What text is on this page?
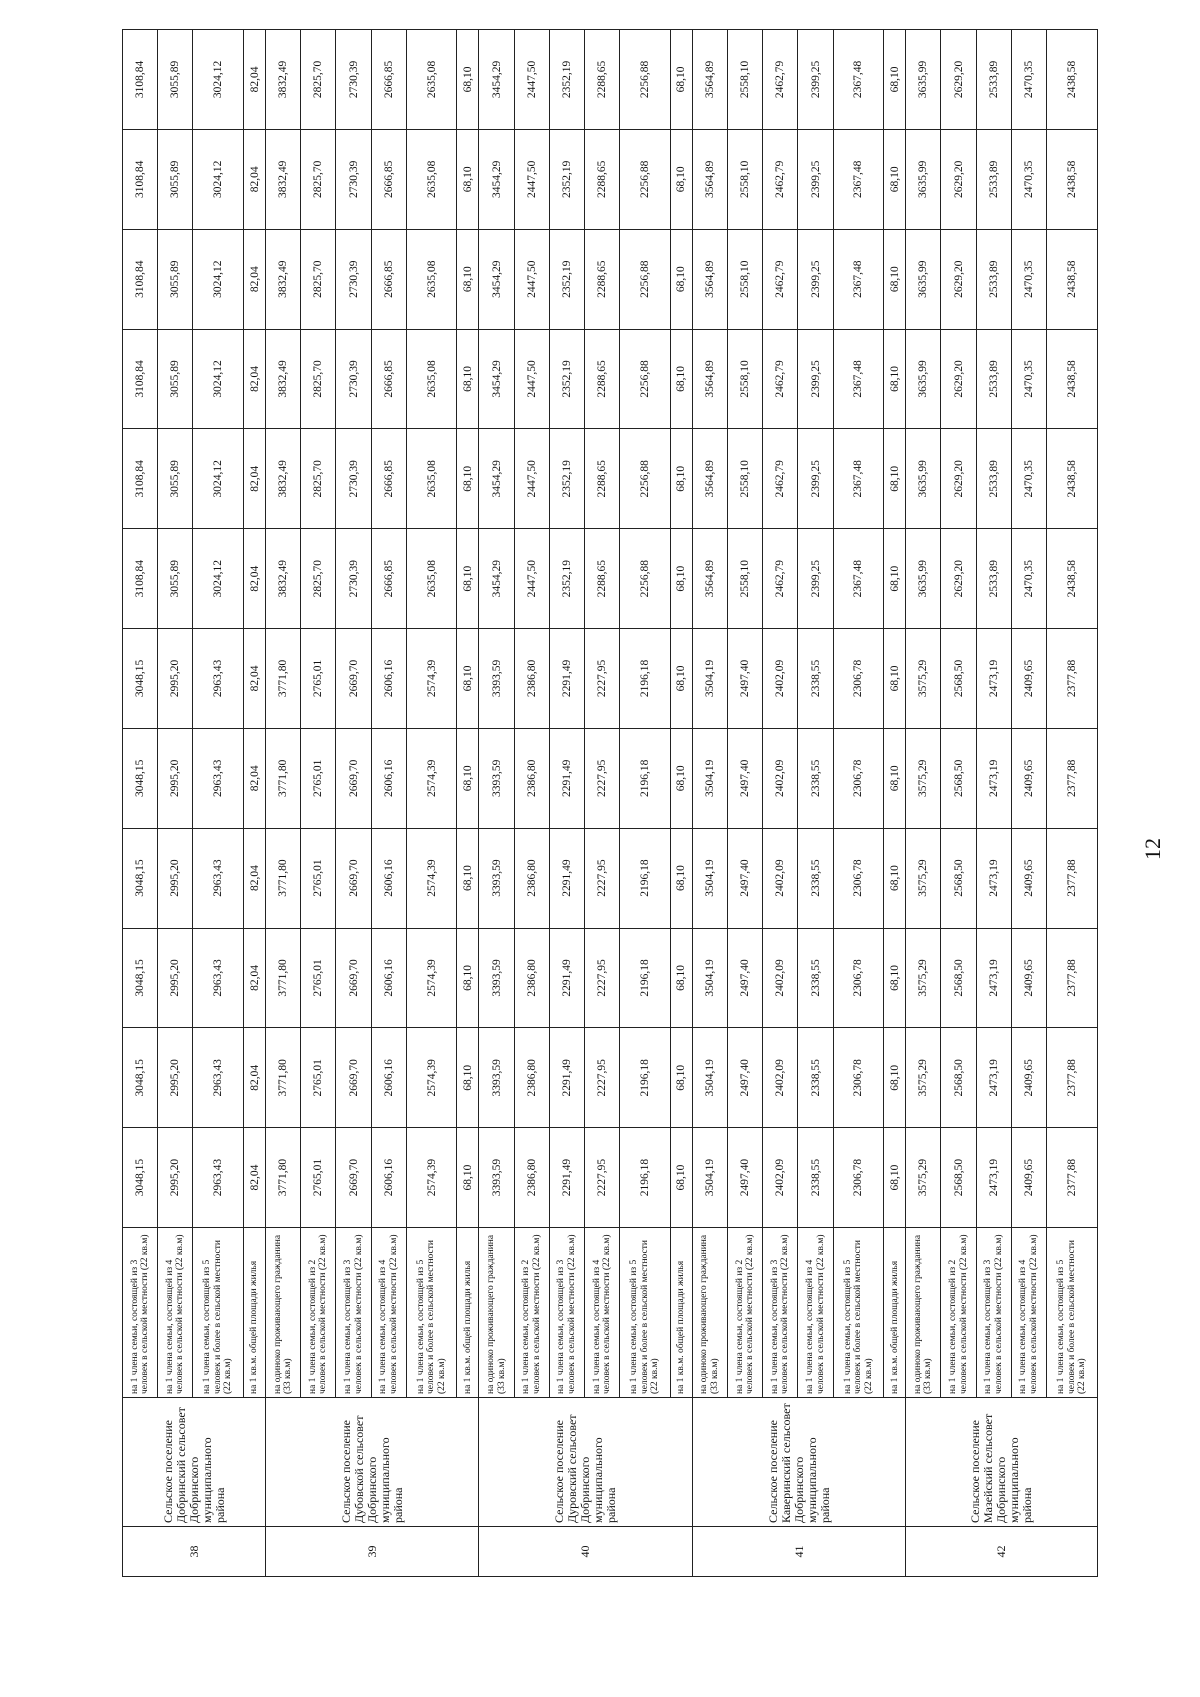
38	Сельское поселение Добринский сельсовет Добринского муниципального района	на 1 члена семьи, состоящей из 3 человек в сельской местности (22 кв.м)	3048,15	3048,15	3048,15	3048,15	3048,15	3048,15	3108,84	3108,84	3108,84	3108,84	3108,84	3108,84
		на 1 члена семьи, состоящей из 4 человек в сельской местности (22 кв.м)	2995,20	2995,20	2995,20	2995,20	2995,20	2995,20	3055,89	3055,89	3055,89	3055,89	3055,89	3055,89
		на 1 члена семьи, состоящей из 5 человек и более в сельской местности (22 кв.м)	2963,43	2963,43	2963,43	2963,43	2963,43	2963,43	3024,12	3024,12	3024,12	3024,12	3024,12	3024,12
		на 1 кв.м. общей площади жилья	82,04	82,04	82,04	82,04	82,04	82,04	82,04	82,04	82,04	82,04	82,04	82,04
39	Сельское поселение Дубовской сельсовет Добринского муниципального района	на одиноко проживающего гражданина (33 кв.м)	3771,80	3771,80	3771,80	3771,80	3771,80	3771,80	3832,49	3832,49	3832,49	3832,49	3832,49	3832,49
		на 1 члена семьи, состоящей из 2 человек в сельской местности (22 кв.м)	2765,01	2765,01	2765,01	2765,01	2765,01	2765,01	2825,70	2825,70	2825,70	2825,70	2825,70	2825,70
		на 1 члена семьи, состоящей из 3 человек в сельской местности (22 кв.м)	2669,70	2669,70	2669,70	2669,70	2669,70	2669,70	2730,39	2730,39	2730,39	2730,39	2730,39	2730,39
		на 1 члена семьи, состоящей из 4 человек в сельской местности (22 кв.м)	2606,16	2606,16	2606,16	2606,16	2606,16	2606,16	2666,85	2666,85	2666,85	2666,85	2666,85	2666,85
		на 1 члена семьи, состоящей из 5 человек и более в сельской местности (22 кв.м)	2574,39	2574,39	2574,39	2574,39	2574,39	2574,39	2635,08	2635,08	2635,08	2635,08	2635,08	2635,08
		на 1 кв.м. общей площади жилья	68,10	68,10	68,10	68,10	68,10	68,10	68,10	68,10	68,10	68,10	68,10	68,10
40	Сельское поселение Дуровский сельсовет Добринского муниципального района	на одиноко проживающего гражданина (33 кв.м)	3393,59	3393,59	3393,59	3393,59	3393,59	3393,59	3454,29	3454,29	3454,29	3454,29	3454,29	3454,29
		на 1 члена семьи, состоящей из 2 человек в сельской местности (22 кв.м)	2386,80	2386,80	2386,80	2386,80	2386,80	2386,80	2447,50	2447,50	2447,50	2447,50	2447,50	2447,50
		на 1 члена семьи, состоящей из 3 человек в сельской местности (22 кв.м)	2291,49	2291,49	2291,49	2291,49	2291,49	2291,49	2352,19	2352,19	2352,19	2352,19	2352,19	2352,19
		на 1 члена семьи, состоящей из 4 человек в сельской местности (22 кв.м)	2227,95	2227,95	2227,95	2227,95	2227,95	2227,95	2288,65	2288,65	2288,65	2288,65	2288,65	2288,65
		на 1 члена семьи, состоящей из 5 человек и более в сельской местности (22 кв.м)	2196,18	2196,18	2196,18	2196,18	2196,18	2196,18	2256,88	2256,88	2256,88	2256,88	2256,88	2256,88
		на 1 кв.м. общей площади жилья	68,10	68,10	68,10	68,10	68,10	68,10	68,10	68,10	68,10	68,10	68,10	68,10
41	Сельское поселение Каверинский сельсовет Добринского муниципального района	на одиноко проживающего гражданина (33 кв.м)	3504,19	3504,19	3504,19	3504,19	3504,19	3504,19	3564,89	3564,89	3564,89	3564,89	3564,89	3564,89
		на 1 члена семьи, состоящей из 2 человек в сельской местности (22 кв.м)	2497,40	2497,40	2497,40	2497,40	2497,40	2497,40	2558,10	2558,10	2558,10	2558,10	2558,10	2558,10
		на 1 члена семьи, состоящей из 3 человек в сельской местности (22 кв.м)	2402,09	2402,09	2402,09	2402,09	2402,09	2402,09	2462,79	2462,79	2462,79	2462,79	2462,79	2462,79
		на 1 члена семьи, состоящей из 4 человек в сельской местности (22 кв.м)	2338,55	2338,55	2338,55	2338,55	2338,55	2338,55	2399,25	2399,25	2399,25	2399,25	2399,25	2399,25
		на 1 члена семьи, состоящей из 5 человек и более в сельской местности (22 кв.м)	2306,78	2306,78	2306,78	2306,78	2306,78	2306,78	2367,48	2367,48	2367,48	2367,48	2367,48	2367,48
		на 1 кв.м. общей площади жилья	68,10	68,10	68,10	68,10	68,10	68,10	68,10	68,10	68,10	68,10	68,10	68,10
42	Сельское поселение Мазейский сельсовет Добринского муниципального района	на одиноко проживающего гражданина (33 кв.м)	3575,29	3575,29	3575,29	3575,29	3575,29	3575,29	3635,99	3635,99	3635,99	3635,99	3635,99	3635,99
		на 1 члена семьи, состоящей из 2 человек в сельской местности (22 кв.м)	2568,50	2568,50	2568,50	2568,50	2568,50	2568,50	2629,20	2629,20	2629,20	2629,20	2629,20	2629,20
		на 1 члена семьи, состоящей из 3 человек в сельской местности (22 кв.м)	2473,19	2473,19	2473,19	2473,19	2473,19	2473,19	2533,89	2533,89	2533,89	2533,89	2533,89	2533,89
		на 1 члена семьи, состоящей из 4 человек в сельской местности (22 кв.м)	2409,65	2409,65	2409,65	2409,65	2409,65	2409,65	2470,35	2470,35	2470,35	2470,35	2470,35	2470,35
		на 1 члена семьи, состоящей из 5 человек и более в сельской местности (22 кв.м)	2377,88	2377,88	2377,88	2377,88	2377,88	2377,88	2438,58	2438,58	2438,58	2438,58	2438,58	2438,58
12
